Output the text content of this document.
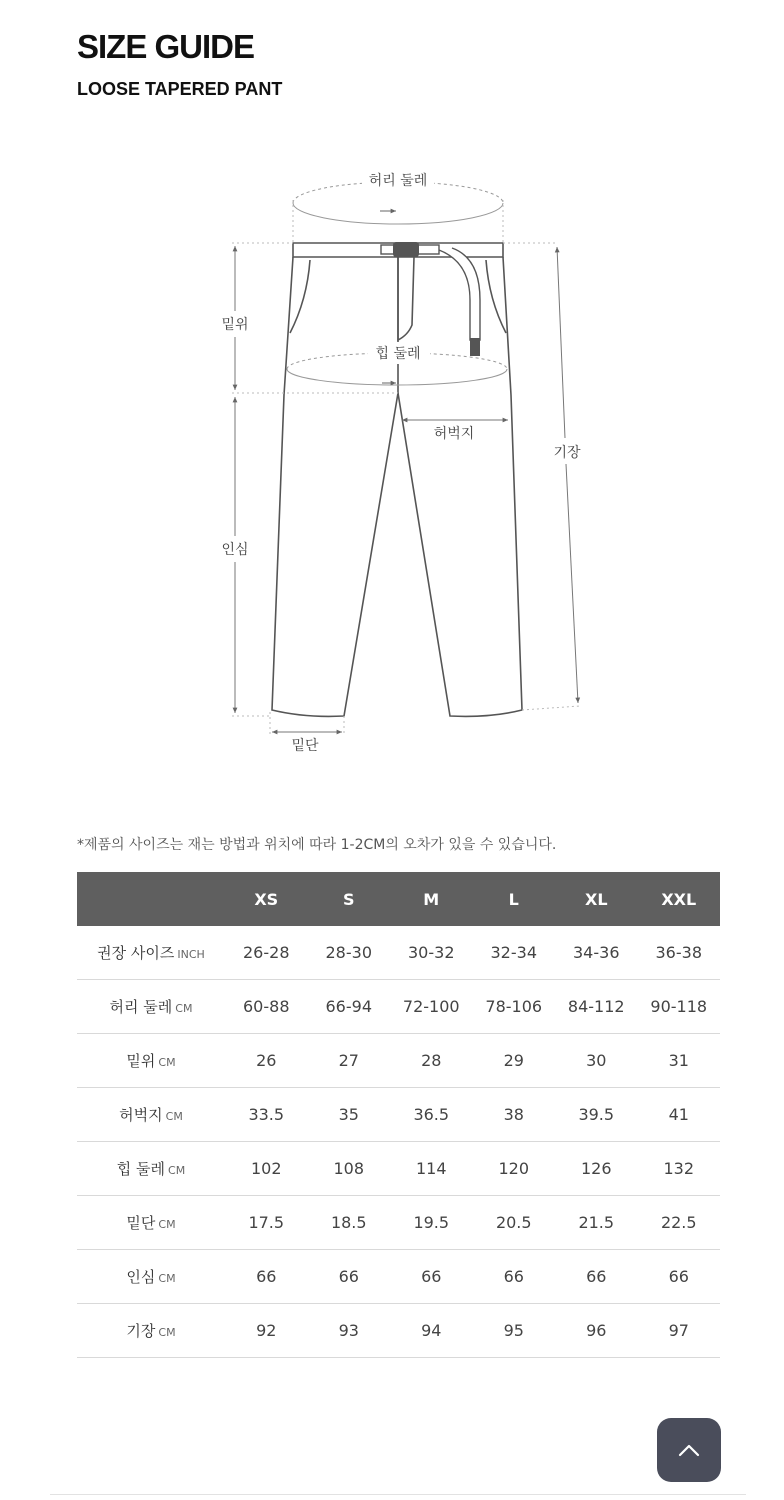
SIZE GUIDE
LOOSE TAPERED PANT
허리 둘레
힙 둘레
밑위
인심
허벅지
기장
밑단

*제품의 사이즈는 재는 방법과 위치에 따라 1-2CM의 오차가 있을 수 있습니다.

	XS	S	M	L	XL	XXL
권장 사이즈 INCH	26-28	28-30	30-32	32-34	34-36	36-38
허리 둘레 CM	60-88	66-94	72-100	78-106	84-112	90-118
밑위 CM	26	27	28	29	30	31
허벅지 CM	33.5	35	36.5	38	39.5	41
힙 둘레 CM	102	108	114	120	126	132
밑단 CM	17.5	18.5	19.5	20.5	21.5	22.5
인심 CM	66	66	66	66	66	66
기장 CM	92	93	94	95	96	97
